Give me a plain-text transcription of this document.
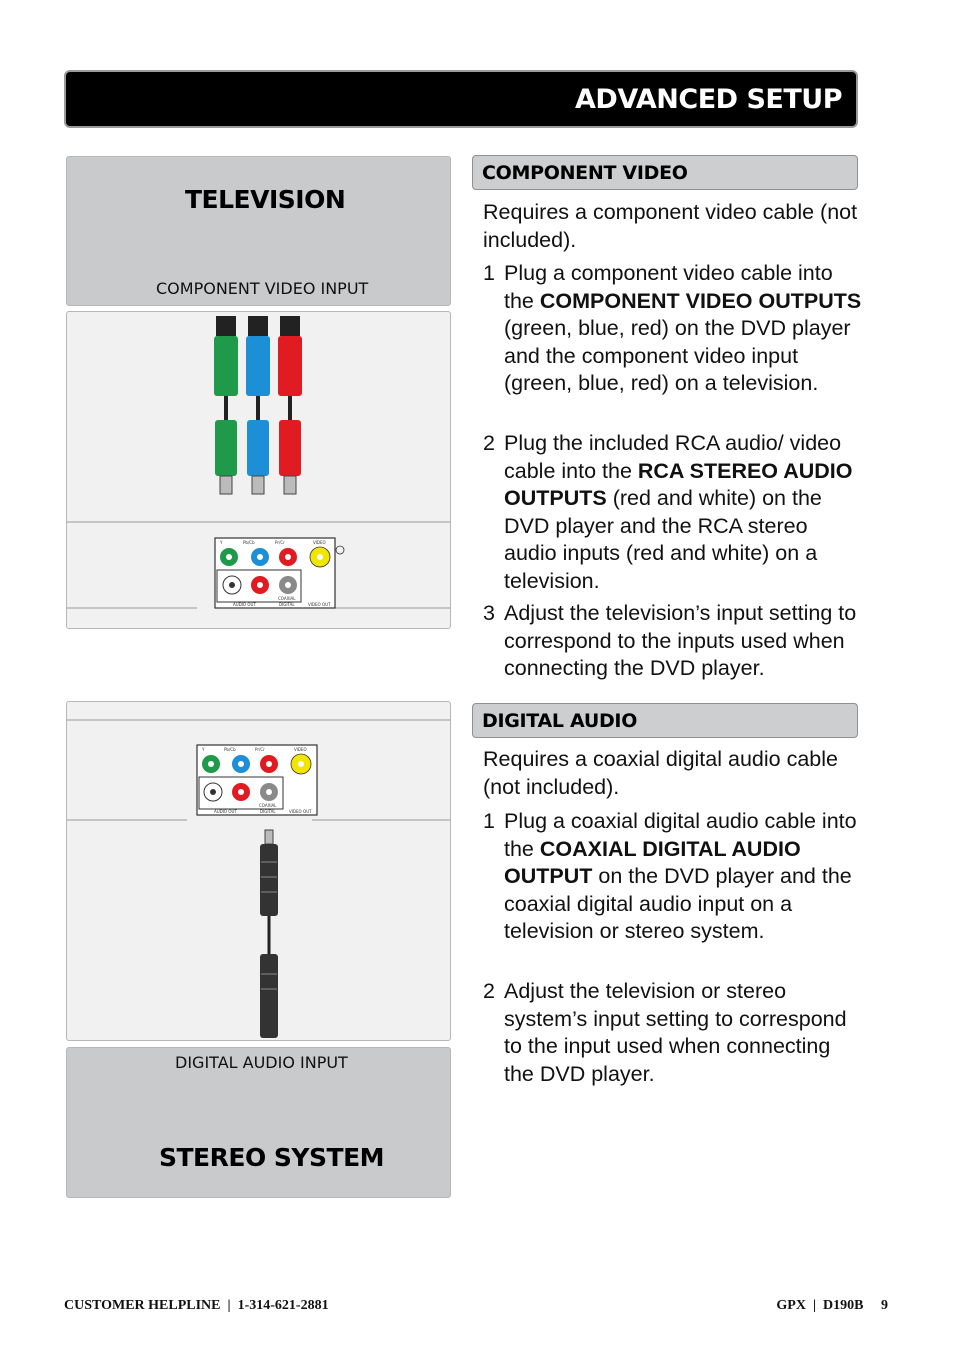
ADVANCED SETUP
TELEVISION
COMPONENT VIDEO INPUT
Y	Pb/Cb	Pr/Cr	VIDEO
COAXIAL
AUDIO OUT	DIGITAL	VIDEO OUT
Y	Pb/Cb	Pr/Cr	VIDEO
COAXIAL
AUDIO OUT	DIGITAL	VIDEO OUT
DIGITAL AUDIO INPUT
STEREO SYSTEM
COMPONENT VIDEO
Requires a component video cable (not included).
1 Plug a component video cable into the COMPONENT VIDEO OUTPUTS (green, blue, red) on the DVD player and the component video input (green, blue, red) on a television.
2 Plug the included RCA audio/ video cable into the RCA STEREO AUDIO OUTPUTS (red and white) on the DVD player and the RCA stereo audio inputs (red and white) on a television.
3 Adjust the television’s input setting to correspond to the inputs used when connecting the DVD player.
DIGITAL AUDIO
Requires a coaxial digital audio cable (not included).
1 Plug a coaxial digital audio cable into the COAXIAL DIGITAL AUDIO OUTPUT on the DVD player and the coaxial digital audio input on a television or stereo system.
2 Adjust the television or stereo system’s input setting to correspond to the input used when connecting the DVD player.
CUSTOMER HELPLINE  |  1-314-621-2881	GPX  |  D190B     9
